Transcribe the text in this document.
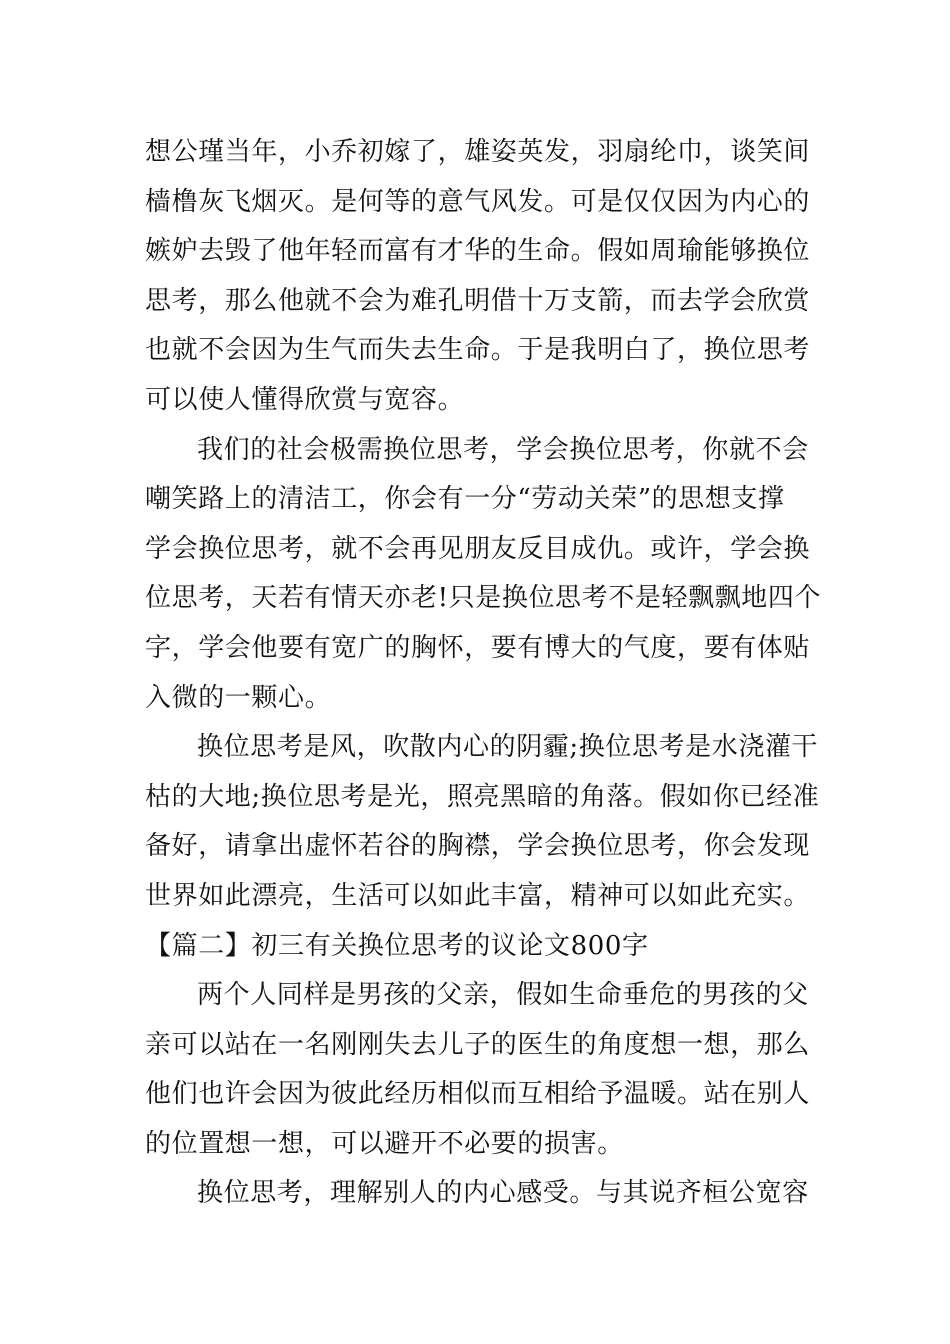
想公瑾当年，小乔初嫁了，雄姿英发，羽扇纶巾，谈笑间
樯橹灰飞烟灭。是何等的意气风发。可是仅仅因为内心的
嫉妒去毁了他年轻而富有才华的生命。假如周瑜能够换位
思考，那么他就不会为难孔明借十万支箭，而去学会欣赏
也就不会因为生气而失去生命。于是我明白了，换位思考
可以使人懂得欣赏与宽容。
我们的社会极需换位思考，学会换位思考，你就不会
嘲笑路上的清洁工，你会有一分“劳动关荣”的思想支撑
学会换位思考，就不会再见朋友反目成仇。或许，学会换
位思考，天若有情天亦老!只是换位思考不是轻飘飘地四个
字，学会他要有宽广的胸怀，要有博大的气度，要有体贴
入微的一颗心。
换位思考是风，吹散内心的阴霾;换位思考是水浇灌干
枯的大地;换位思考是光，照亮黑暗的角落。假如你已经准
备好，请拿出虚怀若谷的胸襟，学会换位思考，你会发现
世界如此漂亮，生活可以如此丰富，精神可以如此充实。
【篇二】初三有关换位思考的议论文800字
两个人同样是男孩的父亲，假如生命垂危的男孩的父
亲可以站在一名刚刚失去儿子的医生的角度想一想，那么
他们也许会因为彼此经历相似而互相给予温暖。站在别人
的位置想一想，可以避开不必要的损害。
换位思考，理解别人的内心感受。与其说齐桓公宽容
